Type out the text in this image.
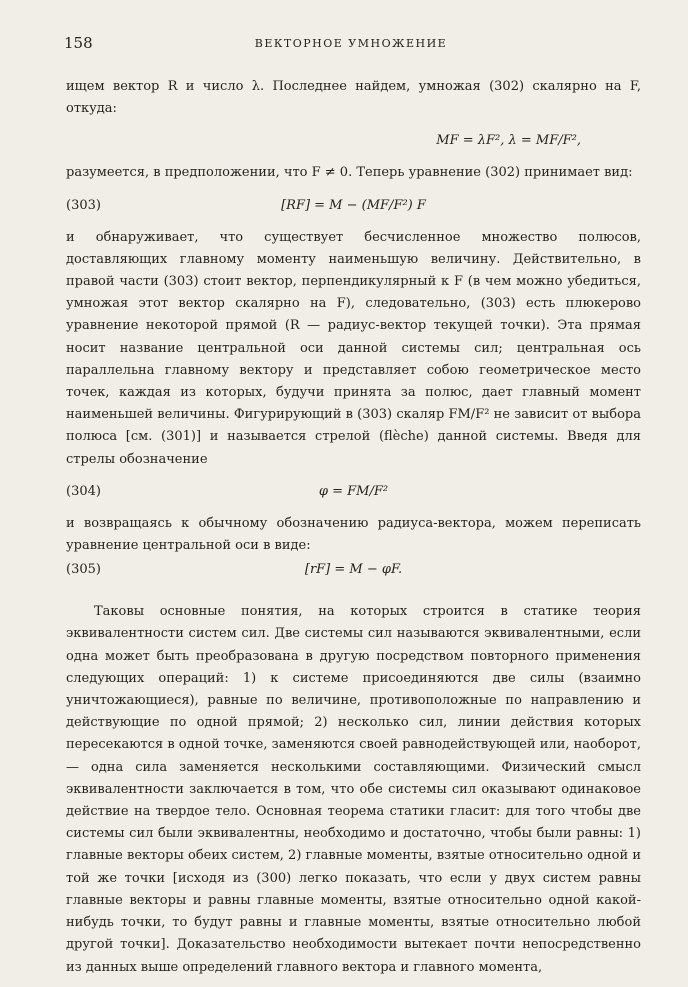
158	ВЕКТОРНОЕ УМНОЖЕНИЕ

ищем вектор R и число λ. Последнее найдем, умножая (302) скалярно на F, откуда:

MF = λF², λ = MF/F²,

разумеется, в предположении, что F ≠ 0. Теперь уравнение (302) принимает вид:

(303)	[RF] = M − (MF/F²) F

и обнаруживает, что существует бесчисленное множество полюсов, доставляющих главному моменту наименьшую величину. Действительно, в правой части (303) стоит вектор, перпендикулярный к F (в чем можно убедиться, умножая этот вектор скалярно на F), следовательно, (303) есть плюкерово уравнение некоторой прямой (R — радиус-вектор текущей точки). Эта прямая носит название центральной оси данной системы сил; центральная ось параллельна главному вектору и представляет собою геометрическое место точек, каждая из которых, будучи принята за полюс, дает главный момент наименьшей величины. Фигурирующий в (303) скаляр FM/F² не зависит от выбора полюса [см. (301)] и называется стрелой (flèche) данной системы. Введя для стрелы обозначение

(304)	φ = FM/F²

и возвращаясь к обычному обозначению радиуса-вектора, можем переписать уравнение центральной оси в виде:

(305)	[rF] = M − φF.

Таковы основные понятия, на которых строится в статике теория эквивалентности систем сил. Две системы сил называются эквивалентными, если одна может быть преобразована в другую посредством повторного применения следующих операций: 1) к системе присоединяются две силы (взаимно уничтожающиеся), равные по величине, противоположные по направлению и действующие по одной прямой; 2) несколько сил, линии действия которых пересекаются в одной точке, заменяются своей равнодействующей или, наоборот, — одна сила заменяется несколькими составляющими. Физический смысл эквивалентности заключается в том, что обе системы сил оказывают одинаковое действие на твердое тело. Основная теорема статики гласит: для того чтобы две системы сил были эквивалентны, необходимо и достаточно, чтобы были равны: 1) главные векторы обеих систем, 2) главные моменты, взятые относительно одной и той же точки [исходя из (300) легко показать, что если у двух систем равны главные векторы и равны главные моменты, взятые относительно одной какой-нибудь точки, то будут равны и главные моменты, взятые относительно любой другой точки]. Доказательство необходимости вытекает почти непосредственно из данных выше определений главного вектора и главного момента,
